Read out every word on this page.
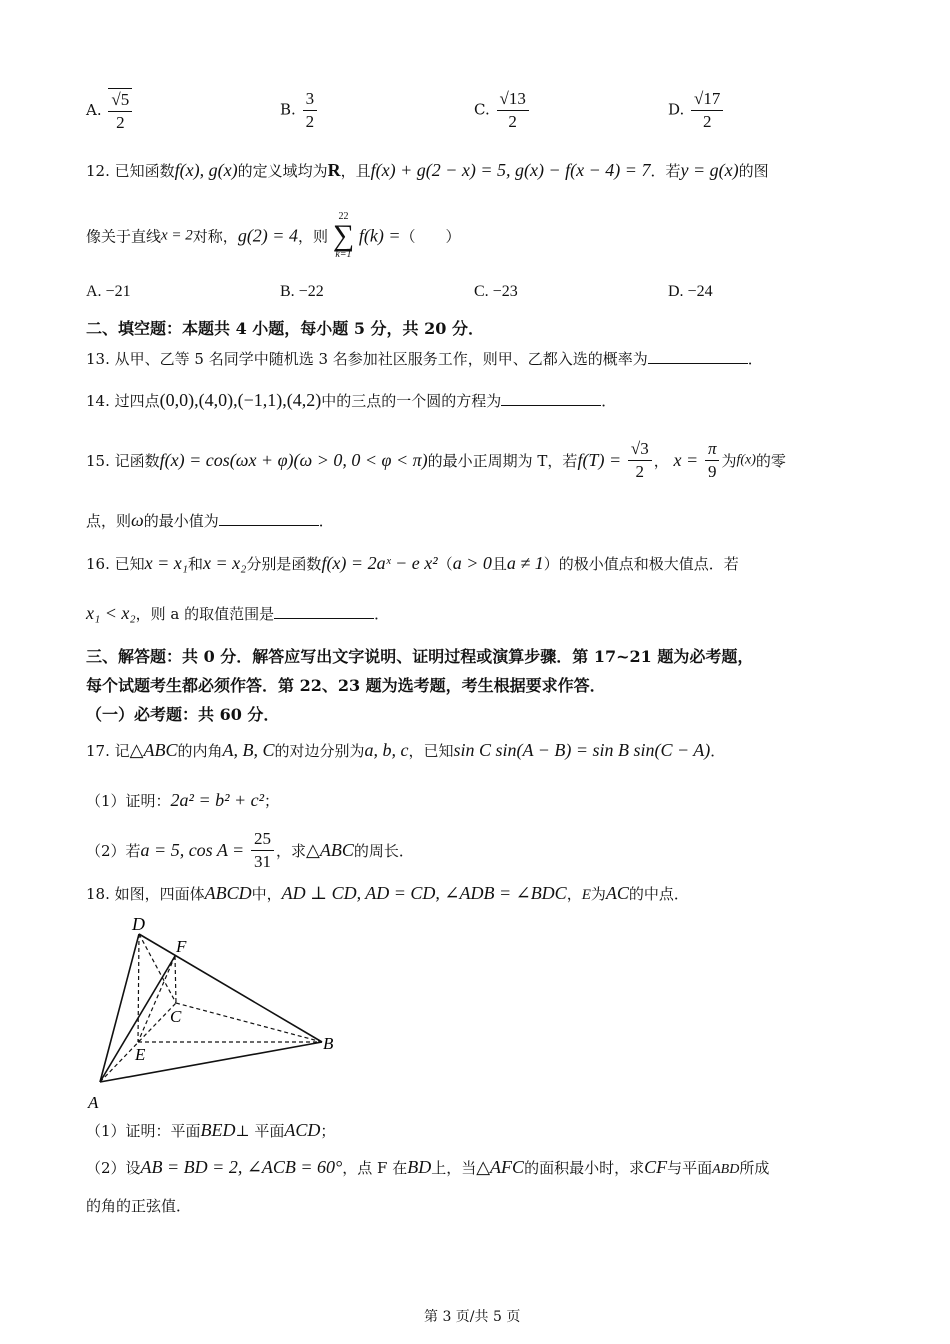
A. $\frac{√5}{2}$	B. $\frac{3}{2}$	C. $\frac{√13}{2}$	D. $\frac{√17}{2}$
12. 已知函数f(x), g(x)的定义域均为R，且f(x) + g(2 − x) = 5, g(x) − f(x − 4) = 7．若y = g(x)的图
像关于直线x = 2对称，g(2) = 4，则
22
∑
k=1
f(k) =（　　）
A. −21	B. −22	C. −23	D. −24
二、填空题：本题共 4 小题，每小题 5 分，共 20 分．
13. 从甲、乙等 5 名同学中随机选 3 名参加社区服务工作，则甲、乙都入选的概率为	．
14. 过四点(0,0),(4,0),(−1,1),(4,2)中的三点的一个圆的方程为	．
15. 记函数f(x) = cos(ωx + φ)(ω > 0, 0 < φ < π)的最小正周期为 T，若$f(T) = \frac{√3}{2}$ ， $x = \frac{\pi}{9}$ 为f(x)的零
点，则ω的最小值为	．
16. 已知x = x₁和x = x₂分别是函数f(x) = 2aˣ − e x²（a > 0且a ≠ 1）的极小值点和极大值点．若
x₁ < x₂，则 a 的取值范围是	．
三、解答题：共 0 分．解答应写出文字说明、证明过程或演算步骤．第 17~21 题为必考题，
每个试题考生都必须作答．第 22、23 题为选考题，考生根据要求作答．
（一）必考题：共 60 分．
17. 记△ABC的内角A, B, C的对边分别为a, b, c，已知sin C sin(A − B) = sin B sin(C − A)．
（1）证明：2a² = b² + c²；
（2）若a = 5, $\cos A = \frac{25}{31}$ ，求△ABC的周长．
18. 如图，四面体ABCD中，AD ⊥ CD, AD = CD, ∠ADB = ∠BDC，E为AC的中点．
D
F
C
E
B
A
（1）证明：平面BED⊥ 平面ACD；
（2）设AB = BD = 2, ∠ACB = 60°，点 F 在BD上，当△AFC的面积最小时，求CF与平面ABD所成
的角的正弦值．
第 3 页/共 5 页
